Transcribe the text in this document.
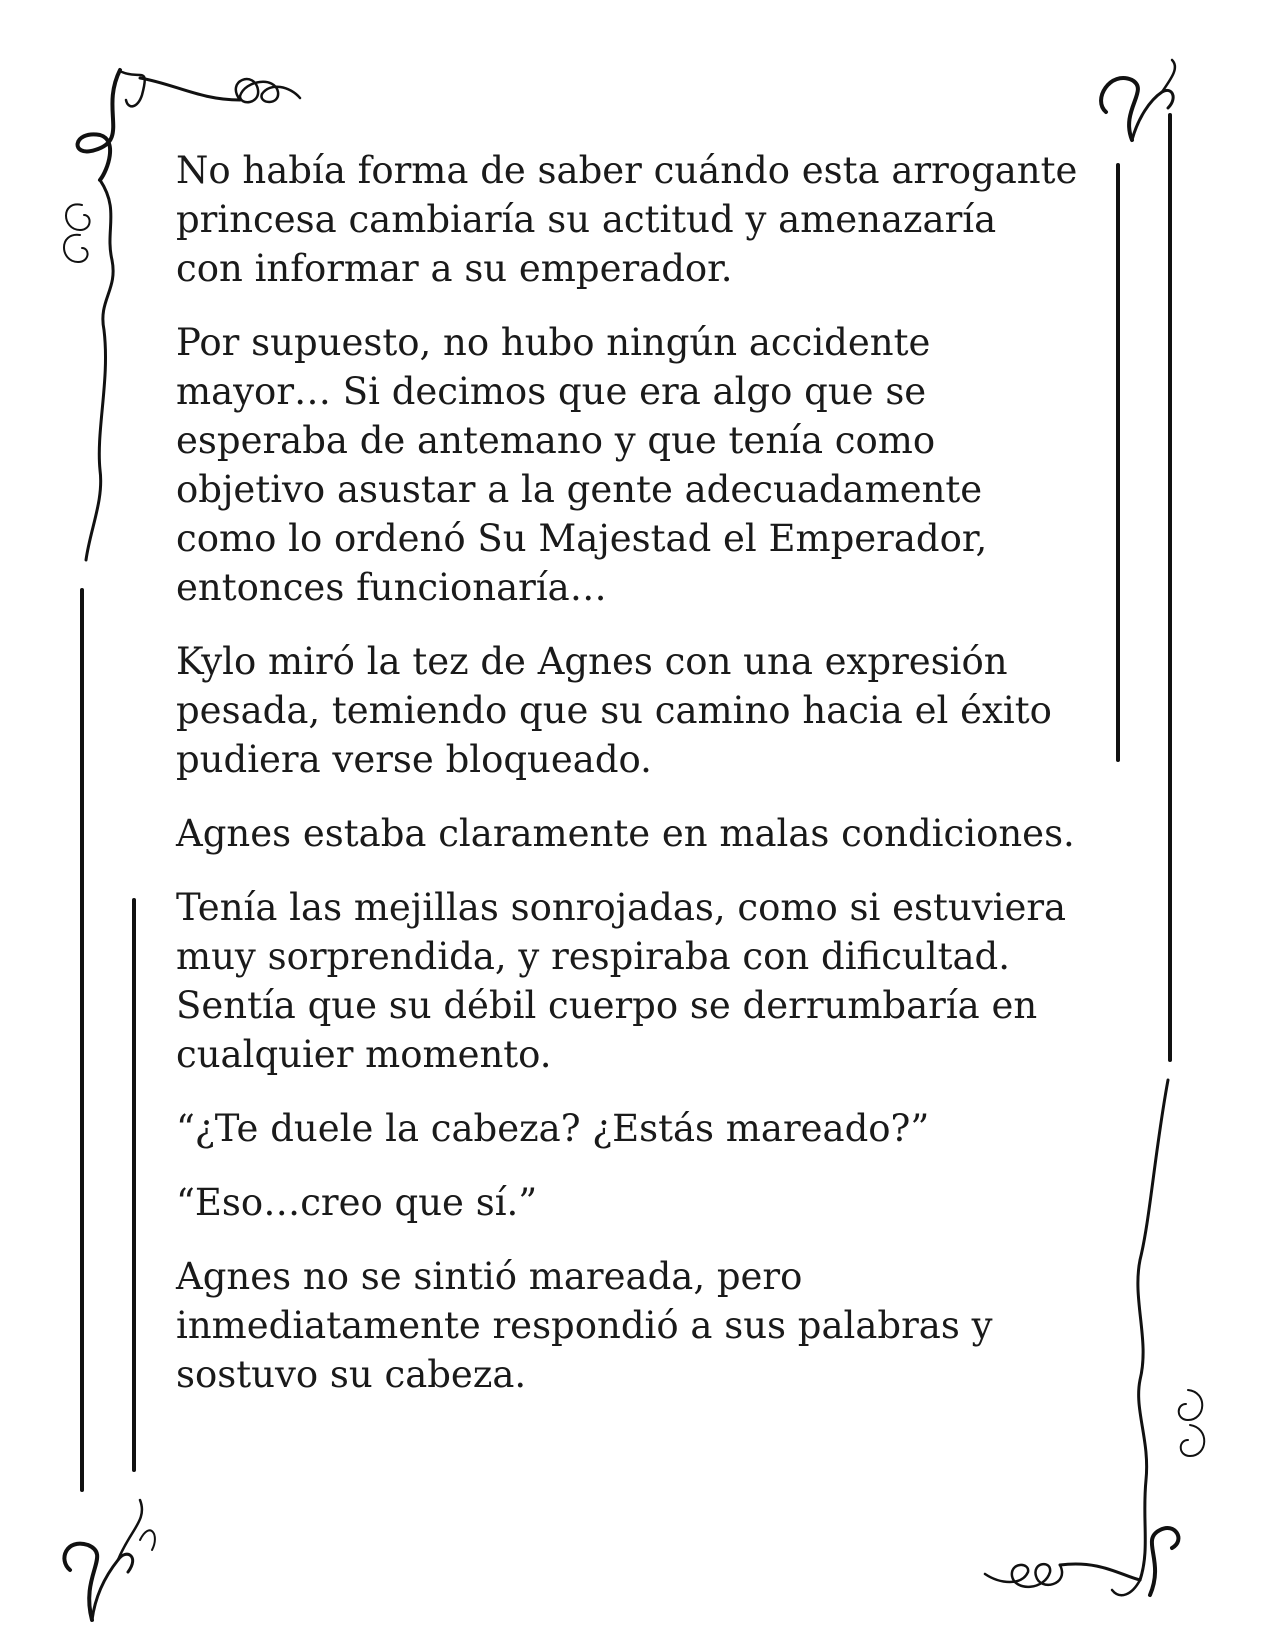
No había forma de saber cuándo esta arrogante
princesa cambiaría su actitud y amenazaría
con informar a su emperador.

Por supuesto, no hubo ningún accidente
mayor… Si decimos que era algo que se
esperaba de antemano y que tenía como
objetivo asustar a la gente adecuadamente
como lo ordenó Su Majestad el Emperador,
entonces funcionaría…

Kylo miró la tez de Agnes con una expresión
pesada, temiendo que su camino hacia el éxito
pudiera verse bloqueado.

Agnes estaba claramente en malas condiciones.

Tenía las mejillas sonrojadas, como si estuviera
muy sorprendida, y respiraba con dificultad.
Sentía que su débil cuerpo se derrumbaría en
cualquier momento.

“¿Te duele la cabeza? ¿Estás mareado?”

“Eso…creo que sí.”

Agnes no se sintió mareada, pero
inmediatamente respondió a sus palabras y
sostuvo su cabeza.
